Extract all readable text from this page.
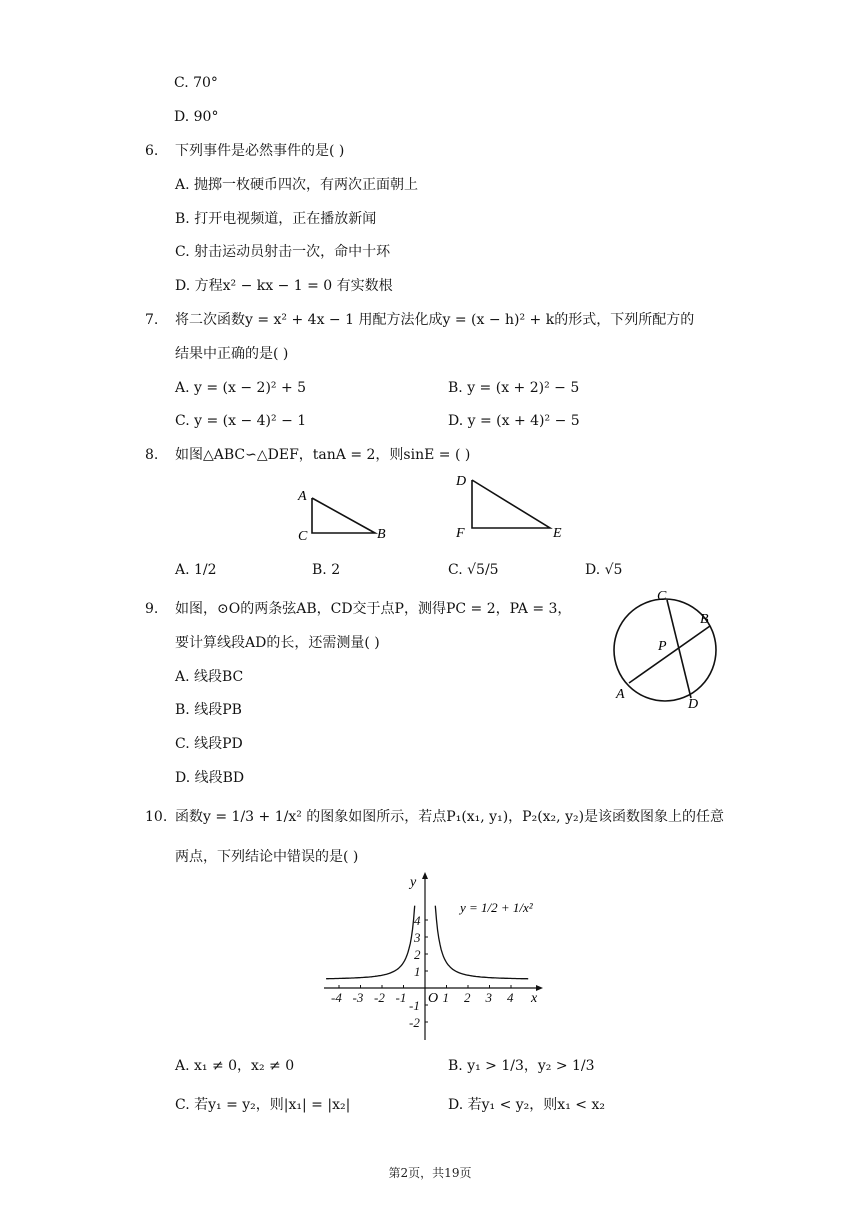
C. 70°
D. 90°
6. 下列事件是必然事件的是( )
A. 抛掷一枚硬币四次，有两次正面朝上
B. 打开电视频道，正在播放新闻
C. 射击运动员射击一次，命中十环
D. 方程x² − kx − 1 = 0 有实数根
7. 将二次函数y = x² + 4x − 1 用配方法化成y = (x − h)² + k的形式，下列所配方的
结果中正确的是( )
A. y = (x − 2)² + 5	B. y = (x + 2)² − 5
C. y = (x − 4)² − 1	D. y = (x + 4)² − 5
8. 如图△ABC∽△DEF，tanA = 2，则sinE = ( )
A
C	B
D
F	E
A. 1/2	B. 2	C. √5/5	D. √5
9. 如图，⊙O的两条弦AB，CD交于点P，测得PC = 2，PA = 3，
要计算线段AD的长，还需测量( )
A. 线段BC
B. 线段PB
C. 线段PD
D. 线段BD
C
B
P
A
D
10. 函数y = 1/3 + 1/x² 的图象如图所示，若点P₁(x₁, y₁)，P₂(x₂, y₂)是该函数图象上的任意
两点，下列结论中错误的是( )
-4 -3 -2 -1	1 2 3 4
4
3
2
1
-1
-2
x
y
O
y = 1/2 + 1/x²
A. x₁ ≠ 0，x₂ ≠ 0	B. y₁ > 1/3，y₂ > 1/3
C. 若y₁ = y₂，则|x₁| = |x₂|	D. 若y₁ < y₂，则x₁ < x₂
第2页，共19页
